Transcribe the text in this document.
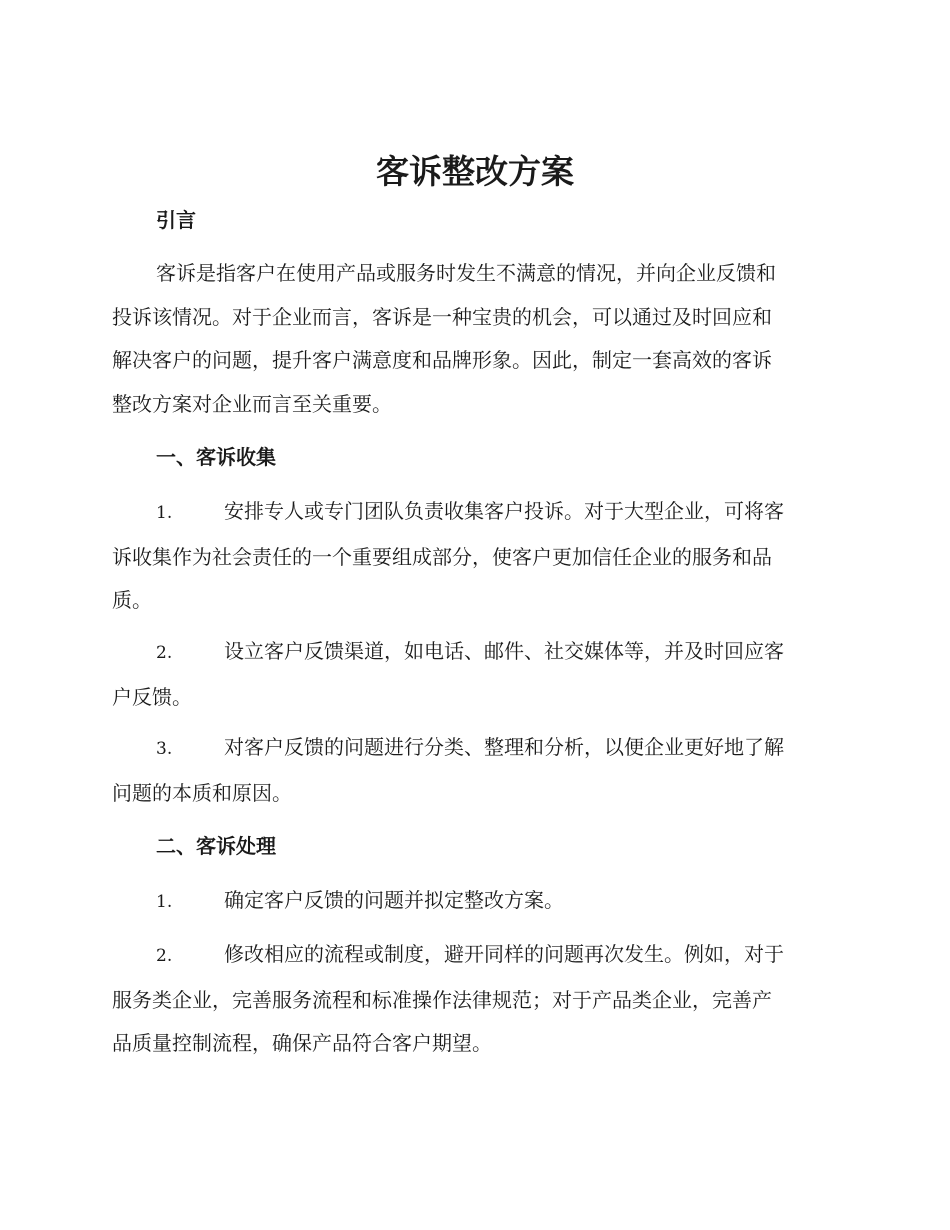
客诉整改方案
引言
客诉是指客户在使用产品或服务时发生不满意的情况，并向企业反馈和
投诉该情况。对于企业而言，客诉是一种宝贵的机会，可以通过及时回应和
解决客户的问题，提升客户满意度和品牌形象。因此，制定一套高效的客诉
整改方案对企业而言至关重要。
一、客诉收集
1.	安排专人或专门团队负责收集客户投诉。对于大型企业，可将客
诉收集作为社会责任的一个重要组成部分，使客户更加信任企业的服务和品
质。
2.	设立客户反馈渠道，如电话、邮件、社交媒体等，并及时回应客
户反馈。
3.	对客户反馈的问题进行分类、整理和分析，以便企业更好地了解
问题的本质和原因。
二、客诉处理
1.	确定客户反馈的问题并拟定整改方案。
2.	修改相应的流程或制度，避开同样的问题再次发生。例如，对于
服务类企业，完善服务流程和标准操作法律规范；对于产品类企业，完善产
品质量控制流程，确保产品符合客户期望。
